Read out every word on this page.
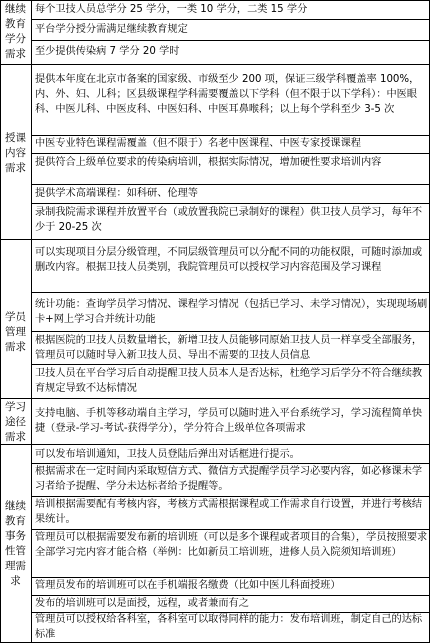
继续教育学分需求
每个卫技人员总学分 25 学分，一类 10 学分，二类 15 学分
平台学分授分需满足继续教育规定
至少提供传染病 7 学分 20 学时
授课内容需求
提供本年度在北京市备案的国家级、市级至少 200 项，保证三级学科覆盖率 100%，内、外、妇、儿科；区县级课程学科需要覆盖以下学科（但不限于以下学科）：中医眼科、中医儿科、中医皮科、中医妇科、中医耳鼻喉科；以上每个学科至少 3-5 次
中医专业特色课程需覆盖（但不限于）名老中医课程、中医专家授课课程
提供符合上级单位要求的传染病培训，根据实际情况，增加硬性要求培训内容
提供学术高端课程：如科研、伦理等
录制我院需求课程并放置平台（或放置我院已录制好的课程）供卫技人员学习，每年不少于 20-25 次
学员管理需求
可以实现项目分层分级管理，不同层级管理员可以分配不同的功能权限，可随时添加或删改内容。根据卫技人员类别，我院管理员可以授权学习内容范围及学习课程
统计功能：查询学员学习情况、课程学习情况（包括已学习、未学习情况），实现现场刷卡+网上学习合并统计功能
根据医院的卫技人员数量增长，新增卫技人员能够同原始卫技人员一样享受全部服务，管理员可以随时导入新卫技人员、导出不需要的卫技人员信息
卫技人员在平台学习后自动提醒卫技人员本人是否达标，杜绝学习后学分不符合继续教育规定导致不达标情况
学习途径需求
支持电脑、手机等移动端自主学习，学员可以随时进入平台系统学习，学习流程简单快捷（登录-学习-考试-获得学分），学分符合上级单位各项需求
继续教育事务性管理需求
可以发布培训通知，卫技人员登陆后弹出对话框进行提示。
根据需求在一定时间内采取短信方式、微信方式提醒学员学习必要内容，如必修课未学习者给予提醒、学分未达标者给予提醒等。
培训根据需要配有考核内容，考核方式需根据课程或工作需求自行设置，并进行考核结果统计。
管理员可以根据需要发布新的培训班（可以是多个课程或者项目的合集），学员按照要求全部学习完内容才能合格（举例：比如新员工培训班，进修人员入院须知培训班）
管理员发布的培训班可以在手机端报名缴费（比如中医儿科面授班）
发布的培训班可以是面授，远程，或者兼而有之
管理员可以授权给各科室，各科室可以取得同样的能力：发布培训班，制定自己的达标标准
